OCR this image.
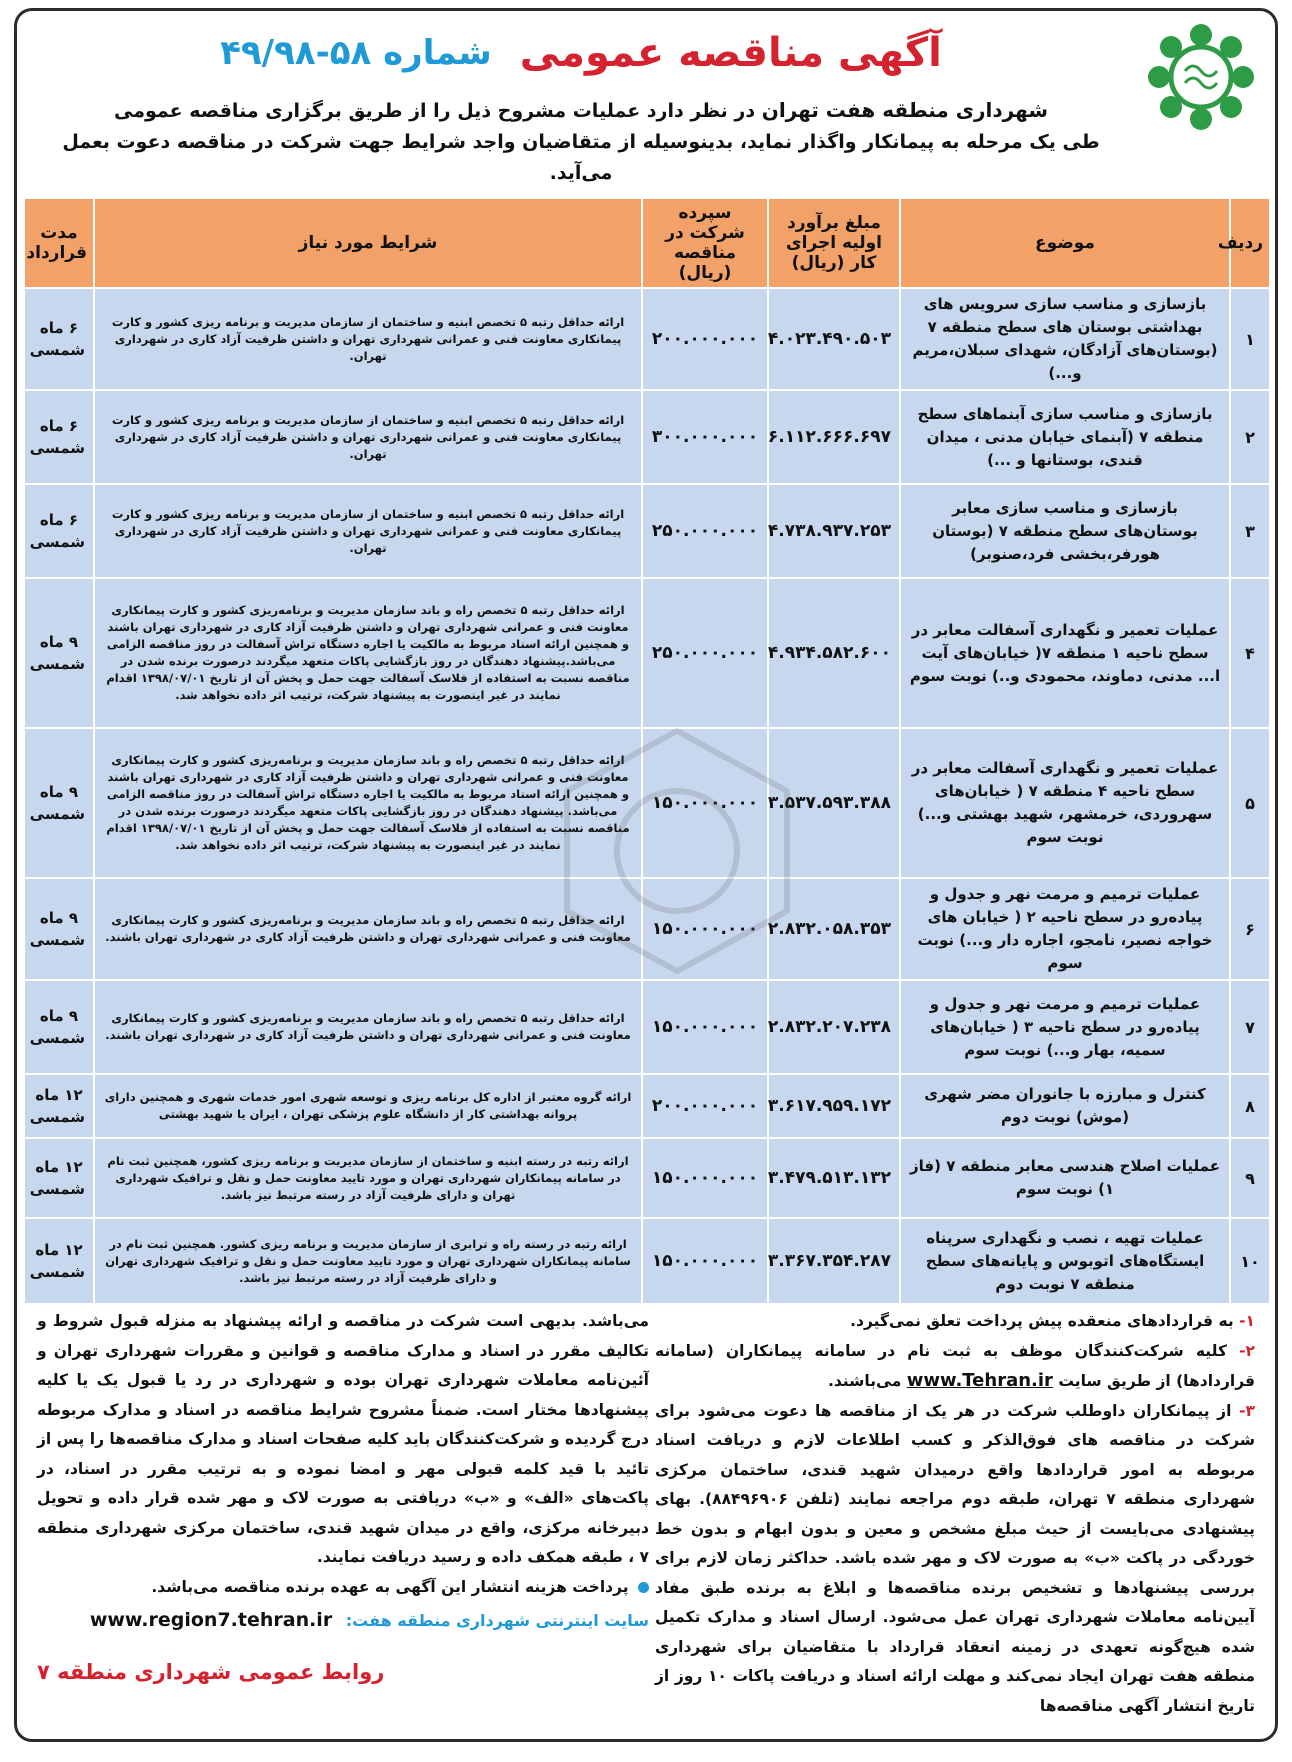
آگهی مناقصه عمومی
شماره ۵۸-۴۹/۹۸
شهرداری منطقه هفت تهران در نظر دارد عملیات مشروح ذیل را از طریق برگزاری مناقصه عمومی
طی یک مرحله به پیمانکار واگذار نماید، بدینوسیله از متقاضیان واجد شرایط جهت شرکت در مناقصه دعوت بعمل می‌آید.
ردیف	موضوع	مبلغ برآورد اولیه اجرای کار (ریال)	سپرده شرکت در مناقصه (ریال)	شرایط مورد نیاز	مدت قرارداد
۱	بازسازی و مناسب سازی سرویس های بهداشتی بوستان های سطح منطقه ۷ (بوستان‌های آزادگان، شهدای سبلان،مریم و...)	۴.۰۲۳.۴۹۰.۵۰۳	۲۰۰.۰۰۰.۰۰۰	ارائه حداقل رتبه ۵ تخصص ابنیه و ساختمان از سازمان مدیریت و برنامه ریزی کشور و کارت پیمانکاری معاونت فنی و عمرانی شهرداری تهران و داشتن ظرفیت آزاد کاری در شهرداری تهران.	۶ ماه شمسی
۲	بازسازی و مناسب سازی آبنماهای سطح منطقه ۷ (آبنمای خیابان مدنی ، میدان قندی، بوستانها و ...)	۶.۱۱۲.۶۶۶.۶۹۷	۳۰۰.۰۰۰.۰۰۰	ارائه حداقل رتبه ۵ تخصص ابنیه و ساختمان از سازمان مدیریت و برنامه ریزی کشور و کارت پیمانکاری معاونت فنی و عمرانی شهرداری تهران و داشتن ظرفیت آزاد کاری در شهرداری تهران.	۶ ماه شمسی
۳	بازسازی و مناسب سازی معابر بوستان‌های سطح منطقه ۷ (بوستان هورفر،بخشی فرد،صنوبر)	۴.۷۳۸.۹۳۷.۲۵۳	۲۵۰.۰۰۰.۰۰۰	ارائه حداقل رتبه ۵ تخصص ابنیه و ساختمان از سازمان مدیریت و برنامه ریزی کشور و کارت پیمانکاری معاونت فنی و عمرانی شهرداری تهران و داشتن ظرفیت آزاد کاری در شهرداری تهران.	۶ ماه شمسی
۴	عملیات تعمیر و نگهداری آسفالت معابر در سطح ناحیه ۱ منطقه ۷( خیابان‌های آیت ا... مدنی، دماوند، محمودی و..) نوبت سوم	۴.۹۳۴.۵۸۲.۶۰۰	۲۵۰.۰۰۰.۰۰۰	ارائه حداقل رتبه ۵ تخصص راه و باند سازمان مدیریت و برنامه‌ریزی کشور و کارت پیمانکاری معاونت فنی و عمرانی شهرداری تهران و داشتن ظرفیت آزاد کاری در شهرداری تهران باشند و همچنین ارائه اسناد مربوط به مالکیت یا اجاره دستگاه تراش آسفالت در روز مناقصه الزامی می‌باشد.پیشنهاد دهندگان در روز بازگشایی پاکات متعهد میگردند درصورت برنده شدن در مناقصه نسبت به استفاده از فلاسک آسفالت جهت حمل و پخش آن از تاریخ ۱۳۹۸/۰۷/۰۱ اقدام نمایند در غیر اینصورت به پیشنهاد شرکت، ترتیب اثر داده نخواهد شد.	۹ ماه شمسی
۵	عملیات تعمیر و نگهداری آسفالت معابر در سطح ناحیه ۴ منطقه ۷ ( خیابان‌های سهروردی، خرمشهر، شهید بهشتی و...) نوبت سوم	۳.۵۳۷.۵۹۳.۳۸۸	۱۵۰.۰۰۰.۰۰۰	ارائه حداقل رتبه ۵ تخصص راه و باند سازمان مدیریت و برنامه‌ریزی کشور و کارت پیمانکاری معاونت فنی و عمرانی شهرداری تهران و داشتن ظرفیت آزاد کاری در شهرداری تهران باشند و همچنین ارائه اسناد مربوط به مالکیت یا اجاره دستگاه تراش آسفالت در روز مناقصه الزامی می‌باشد. پیشنهاد دهندگان در روز بازگشایی پاکات متعهد میگردند درصورت برنده شدن در مناقصه نسبت به استفاده از فلاسک آسفالت جهت حمل و پخش آن از تاریخ ۱۳۹۸/۰۷/۰۱ اقدام نمایند در غیر اینصورت به پیشنهاد شرکت، ترتیب اثر داده نخواهد شد.	۹ ماه شمسی
۶	عملیات ترمیم و مرمت نهر و جدول و پیاده‌رو در سطح ناحیه ۲ ( خیابان های خواجه نصیر، نامجو، اجاره دار و...) نوبت سوم	۲.۸۳۲.۰۵۸.۳۵۳	۱۵۰.۰۰۰.۰۰۰	ارائه حداقل رتبه ۵ تخصص راه و باند سازمان مدیریت و برنامه‌ریزی کشور و کارت پیمانکاری معاونت فنی و عمرانی شهرداری تهران و داشتن ظرفیت آزاد کاری در شهرداری تهران باشند.	۹ ماه شمسی
۷	عملیات ترمیم و مرمت نهر و جدول و پیاده‌رو در سطح ناحیه ۳ ( خیابان‌های سمیه، بهار و...) نوبت سوم	۲.۸۳۲.۲۰۷.۲۳۸	۱۵۰.۰۰۰.۰۰۰	ارائه حداقل رتبه ۵ تخصص راه و باند سازمان مدیریت و برنامه‌ریزی کشور و کارت پیمانکاری معاونت فنی و عمرانی شهرداری تهران و داشتن ظرفیت آزاد کاری در شهرداری تهران باشند.	۹ ماه شمسی
۸	کنترل و مبارزه با جانوران مضر شهری (موش) نوبت دوم	۳.۶۱۷.۹۵۹.۱۷۲	۲۰۰.۰۰۰.۰۰۰	ارائه گروه معتبر از اداره کل برنامه ریزی و توسعه شهری امور خدمات شهری و همچنین دارای پروانه بهداشتی کار از دانشگاه علوم پزشکی تهران ، ایران یا شهید بهشتی	۱۲ ماه شمسی
۹	عملیات اصلاح هندسی معابر منطقه ۷ (فاز ۱) نوبت سوم	۳.۴۷۹.۵۱۳.۱۳۲	۱۵۰.۰۰۰.۰۰۰	ارائه رتبه در رسته ابنیه و ساختمان از سازمان مدیریت و برنامه ریزی کشور، همچنین ثبت نام در سامانه پیمانکاران شهرداری تهران و مورد تایید معاونت حمل و نقل و ترافیک شهرداری تهران و دارای ظرفیت آزاد در رسته مرتبط نیز باشد.	۱۲ ماه شمسی
۱۰	عملیات تهیه ، نصب و نگهداری سرپناه ایستگاه‌های اتوبوس و پایانه‌های سطح منطقه ۷ نوبت دوم	۳.۳۶۷.۳۵۴.۲۸۷	۱۵۰.۰۰۰.۰۰۰	ارائه رتبه در رسته راه و ترابری از سازمان مدیریت و برنامه ریزی کشور. همچنین ثبت نام در سامانه پیمانکاران شهرداری تهران و مورد تایید معاونت حمل و نقل و ترافیک شهرداری تهران و دارای ظرفیت آزاد در رسته مرتبط نیز باشد.	۱۲ ماه شمسی
۱- به قراردادهای منعقده پیش پرداخت تعلق نمی‌گیرد.
۲- کلیه شرکت‌کنندگان موظف به ثبت نام در سامانه پیمانکاران (سامانه قراردادها) از طریق سایت www.Tehran.ir می‌باشند.
۳- از پیمانکاران داوطلب شرکت در هر یک از مناقصه ها دعوت می‌شود برای شرکت در مناقصه های فوق‌الذکر و کسب اطلاعات لازم و دریافت اسناد مربوطه به امور قراردادها واقع درمیدان شهید قندی، ساختمان مرکزی شهرداری منطقه ۷ تهران، طبقه دوم مراجعه نمایند (تلفن ۸۸۴۹۶۹۰۶). بهای پیشنهادی می‌بایست از حیث مبلغ مشخص و معین و بدون ابهام و بدون خط خوردگی در پاکت «ب» به صورت لاک و مهر شده باشد. حداکثر زمان لازم برای بررسی پیشنهادها و تشخیص برنده مناقصه‌ها و ابلاغ به برنده طبق مفاد آیین‌نامه معاملات شهرداری تهران عمل می‌شود. ارسال اسناد و مدارک تکمیل شده هیچ‌گونه تعهدی در زمینه انعقاد قرارداد با متقاضیان برای شهرداری منطقه هفت تهران ایجاد نمی‌کند و مهلت ارائه اسناد و دریافت پاکات ۱۰ روز از تاریخ انتشار آگهی مناقصه‌ها
می‌باشد. بدیهی است شرکت در مناقصه و ارائه پیشنهاد به منزله قبول شروط و تکالیف مقرر در اسناد و مدارک مناقصه و قوانین و مقررات شهرداری تهران و آئین‌نامه معاملات شهرداری تهران بوده و شهرداری در رد یا قبول یک یا کلیه پیشنهادها مختار است. ضمناً مشروح شرایط مناقصه در اسناد و مدارک مربوطه درج گردیده و شرکت‌کنندگان باید کلیه صفحات اسناد و مدارک مناقصه‌ها را پس از تائید با قید کلمه قبولی مهر و امضا نموده و به ترتیب مقرر در اسناد، در پاکت‌های «الف» و «ب» دریافتی به صورت لاک و مهر شده قرار داده و تحویل دبیرخانه مرکزی، واقع در میدان شهید قندی، ساختمان مرکزی شهرداری منطقه ۷ ، طبقه همکف داده و رسید دریافت نمایند.
پرداخت هزینه انتشار این آگهی به عهده برنده مناقصه می‌باشد.
سایت اینترنتی شهرداری منطقه هفت: www.region7.tehran.ir
روابط عمومی شهرداری منطقه ۷
